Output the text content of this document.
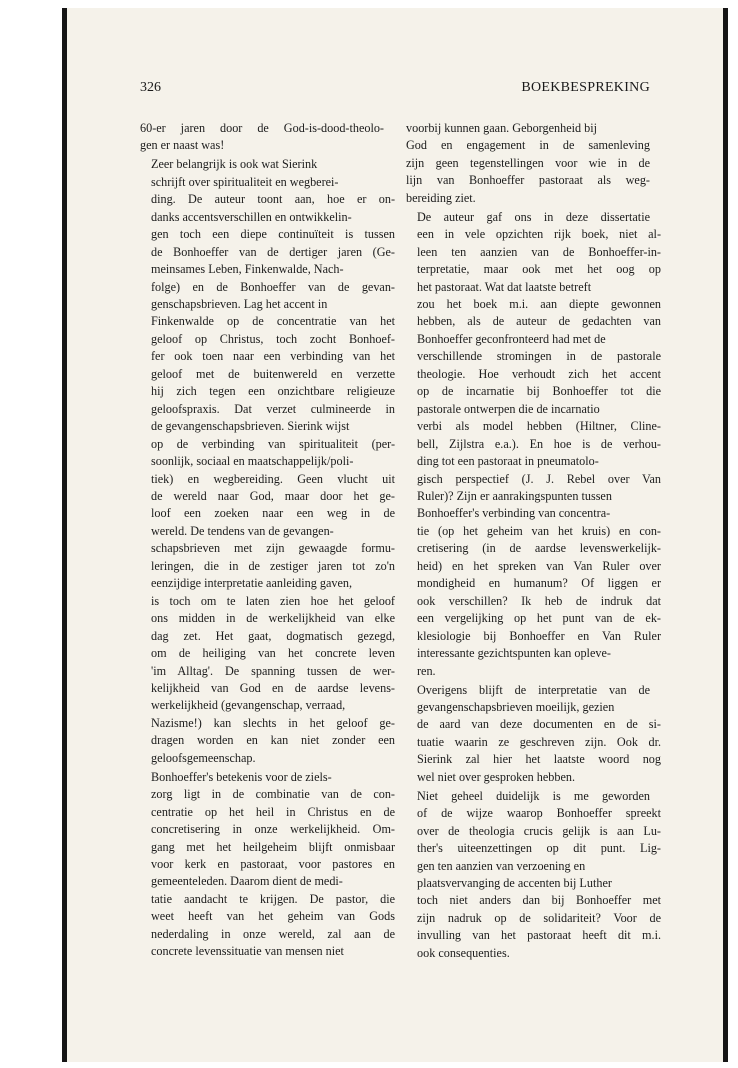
326	BOEKBESPREKING

60-er jaren door de God-is-dood-theolo-
gen er naast was!

Zeer belangrijk is ook wat Sierink
schrijft over spiritualiteit en wegberei-
ding. De auteur toont aan, hoe er on-
danks accentsverschillen en ontwikkelin-
gen toch een diepe continuïteit is tussen
de Bonhoeffer van de dertiger jaren (Ge-
meinsames Leben, Finkenwalde, Nach-
folge) en de Bonhoeffer van de gevan-
genschapsbrieven. Lag het accent in
Finkenwalde op de concentratie van het
geloof op Christus, toch zocht Bonhoef-
fer ook toen naar een verbinding van het
geloof met de buitenwereld en verzette
hij zich tegen een onzichtbare religieuze
geloofspraxis. Dat verzet culmineerde in
de gevangenschapsbrieven. Sierink wijst
op de verbinding van spiritualiteit (per-
soonlijk, sociaal en maatschappelijk/poli-
tiek) en wegbereiding. Geen vlucht uit
de wereld naar God, maar door het ge-
loof een zoeken naar een weg in de
wereld. De tendens van de gevangen-
schapsbrieven met zijn gewaagde formu-
leringen, die in de zestiger jaren tot zo'n
eenzijdige interpretatie aanleiding gaven,
is toch om te laten zien hoe het geloof
ons midden in de werkelijkheid van elke
dag zet. Het gaat, dogmatisch gezegd,
om de heiliging van het concrete leven
'im Alltag'. De spanning tussen de wer-
kelijkheid van God en de aardse levens-
werkelijkheid (gevangenschap, verraad,
Nazisme!) kan slechts in het geloof ge-
dragen worden en kan niet zonder een
geloofsgemeenschap.

Bonhoeffer's betekenis voor de ziels-
zorg ligt in de combinatie van de con-
centratie op het heil in Christus en de
concretisering in onze werkelijkheid. Om-
gang met het heilgeheim blijft onmisbaar
voor kerk en pastoraat, voor pastores en
gemeenteleden. Daarom dient de medi-
tatie aandacht te krijgen. De pastor, die
weet heeft van het geheim van Gods
nederdaling in onze wereld, zal aan de
concrete levenssituatie van mensen niet

voorbij kunnen gaan. Geborgenheid bij
God en engagement in de samenleving
zijn geen tegenstellingen voor wie in de
lijn van Bonhoeffer pastoraat als weg-
bereiding ziet.

De auteur gaf ons in deze dissertatie
een in vele opzichten rijk boek, niet al-
leen ten aanzien van de Bonhoeffer-in-
terpretatie, maar ook met het oog op
het pastoraat. Wat dat laatste betreft
zou het boek m.i. aan diepte gewonnen
hebben, als de auteur de gedachten van
Bonhoeffer geconfronteerd had met de
verschillende stromingen in de pastorale
theologie. Hoe verhoudt zich het accent
op de incarnatie bij Bonhoeffer tot die
pastorale ontwerpen die de incarnatio
verbi als model hebben (Hiltner, Cline-
bell, Zijlstra e.a.). En hoe is de verhou-
ding tot een pastoraat in pneumatolo-
gisch perspectief (J. J. Rebel over Van
Ruler)? Zijn er aanrakingspunten tussen
Bonhoeffer's verbinding van concentra-
tie (op het geheim van het kruis) en con-
cretisering (in de aardse levenswerkelijk-
heid) en het spreken van Van Ruler over
mondigheid en humanum? Of liggen er
ook verschillen? Ik heb de indruk dat
een vergelijking op het punt van de ek-
klesiologie bij Bonhoeffer en Van Ruler
interessante gezichtspunten kan opleve-
ren.

Overigens blijft de interpretatie van de
gevangenschapsbrieven moeilijk, gezien
de aard van deze documenten en de si-
tuatie waarin ze geschreven zijn. Ook dr.
Sierink zal hier het laatste woord nog
wel niet over gesproken hebben.

Niet geheel duidelijk is me geworden
of de wijze waarop Bonhoeffer spreekt
over de theologia crucis gelijk is aan Lu-
ther's uiteenzettingen op dit punt. Lig-
gen ten aanzien van verzoening en
plaatsvervanging de accenten bij Luther
toch niet anders dan bij Bonhoeffer met
zijn nadruk op de solidariteit? Voor de
invulling van het pastoraat heeft dit m.i.
ook consequenties.
